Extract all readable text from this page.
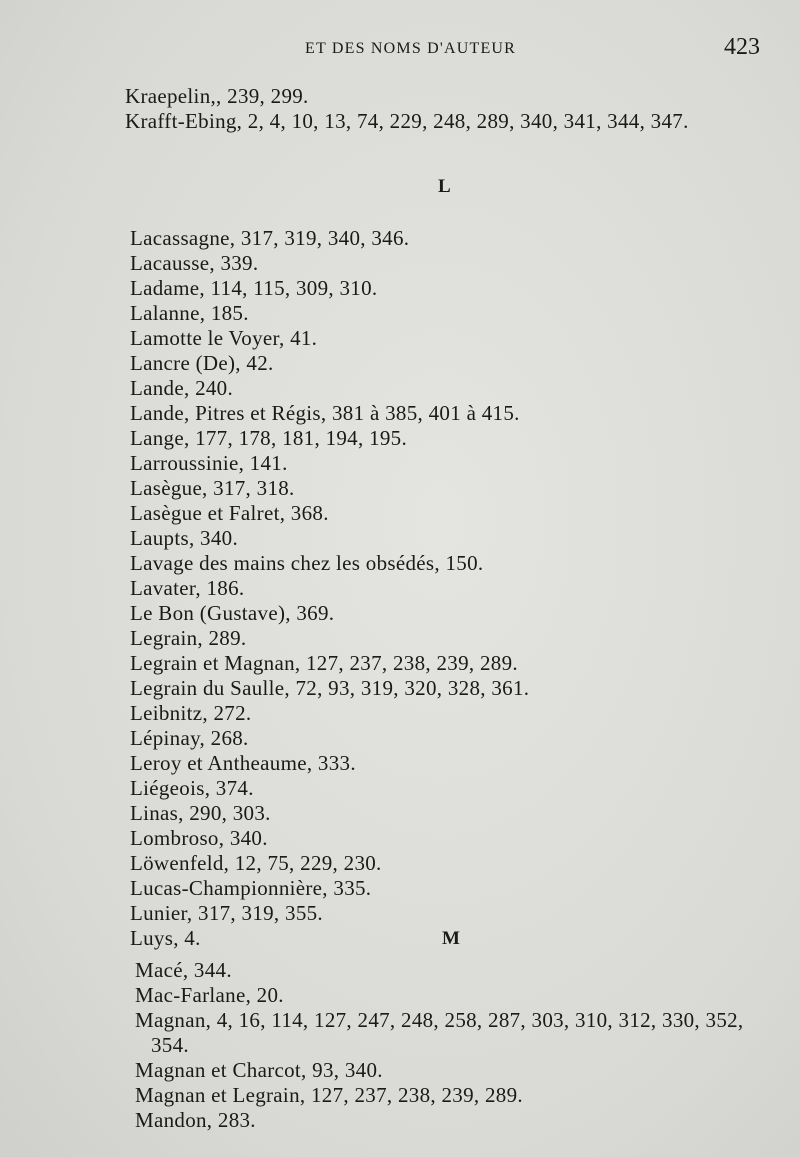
ET DES NOMS D'AUTEUR	423

Kraepelin,, 239, 299.

Krafft-Ebing, 2, 4, 10, 13, 74, 229, 248, 289, 340, 341, 344, 347.

L

Lacassagne, 317, 319, 340, 346.

Lacausse, 339.

Ladame, 114, 115, 309, 310.

Lalanne, 185.

Lamotte le Voyer, 41.

Lancre (De), 42.

Lande, 240.

Lande, Pitres et Régis, 381 à 385, 401 à 415.

Lange, 177, 178, 181, 194, 195.

Larroussinie, 141.

Lasègue, 317, 318.

Lasègue et Falret, 368.

Laupts, 340.

Lavage des mains chez les obsédés, 150.

Lavater, 186.

Le Bon (Gustave), 369.

Legrain, 289.

Legrain et Magnan, 127, 237, 238, 239, 289.

Legrain du Saulle, 72, 93, 319, 320, 328, 361.

Leibnitz, 272.

Lépinay, 268.

Leroy et Antheaume, 333.

Liégeois, 374.

Linas, 290, 303.

Lombroso, 340.

Löwenfeld, 12, 75, 229, 230.

Lucas-Championnière, 335.

Lunier, 317, 319, 355.

Luys, 4.	M

Macé, 344.

Mac-Farlane, 20.

Magnan, 4, 16, 114, 127, 247, 248, 258, 287, 303, 310, 312, 330, 352, 354.

Magnan et Charcot, 93, 340.

Magnan et Legrain, 127, 237, 238, 239, 289.

Mandon, 283.
